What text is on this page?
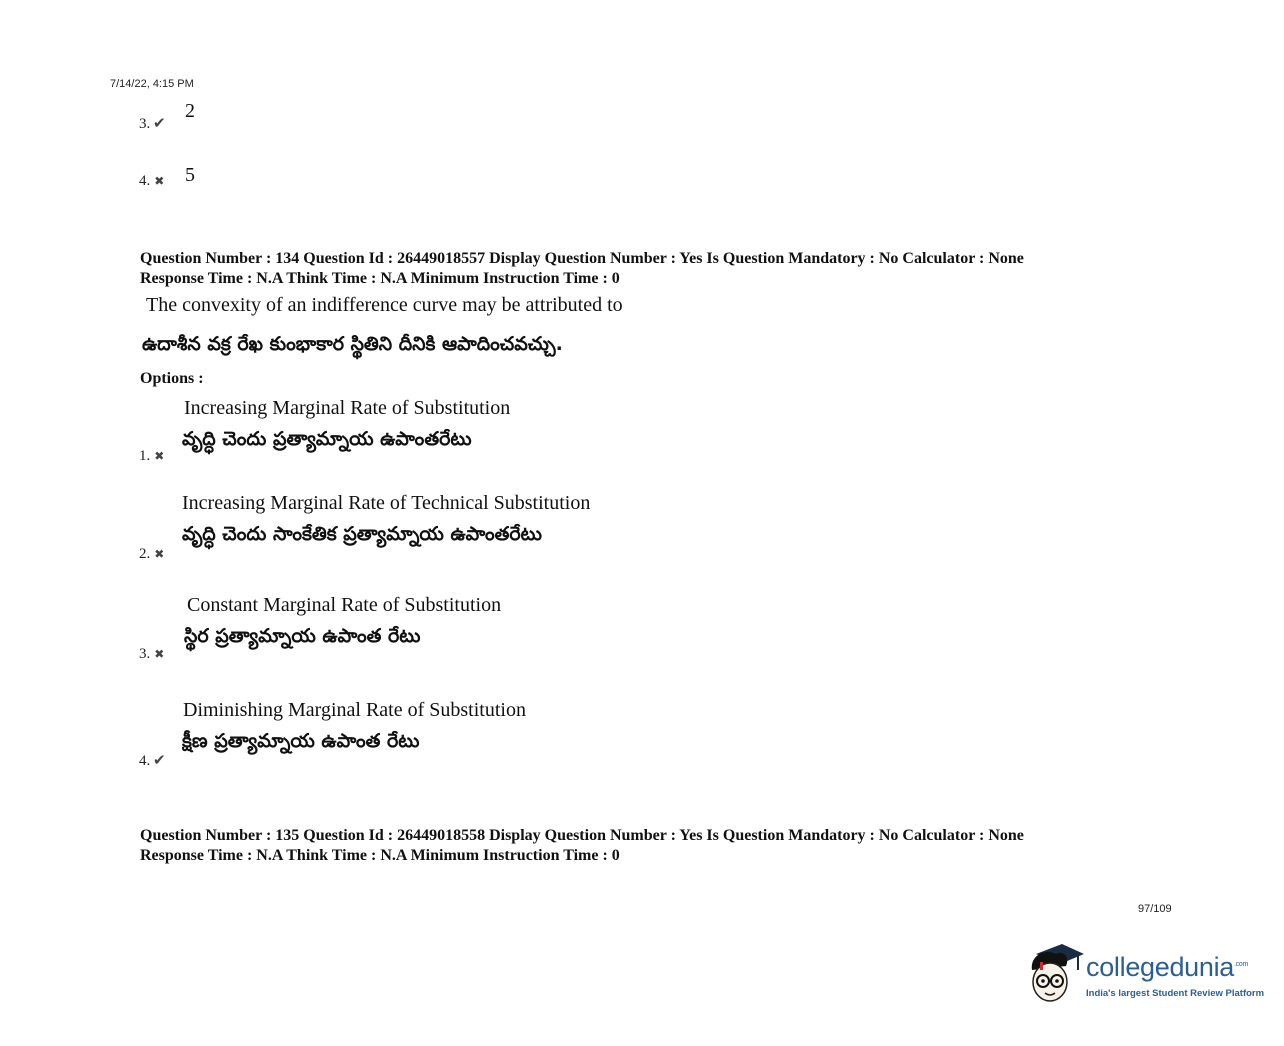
7/14/22, 4:15 PM
3. ✔
2
4. ✖ 5
Question Number : 134 Question Id : 26449018557 Display Question Number : Yes Is Question Mandatory : No Calculator : None
Response Time : N.A Think Time : N.A Minimum Instruction Time : 0
The convexity of an indifference curve may be attributed to
ఉదాశీన వక్ర రేఖ కుంభాకార స్థితిని దీనికి ఆపాదించవచ్చు.
Options :
Increasing Marginal Rate of Substitution
వృద్ధి చెందు ప్రత్యామ్నాయ ఉపాంతరేటు
1. ✖
Increasing Marginal Rate of Technical Substitution
వృద్ధి చెందు సాంకేతిక ప్రత్యామ్నాయ ఉపాంతరేటు
2. ✖
Constant Marginal Rate of Substitution
స్థిర ప్రత్యామ్నాయ ఉపాంత రేటు
3. ✖
Diminishing Marginal Rate of Substitution
క్షీణ ప్రత్యామ్నాయ ఉపాంత రేటు
4. ✔
Question Number : 135 Question Id : 26449018558 Display Question Number : Yes Is Question Mandatory : No Calculator : None
Response Time : N.A Think Time : N.A Minimum Instruction Time : 0
97/109
collegedunia$^{.com}$
India's largest Student Review Platform
